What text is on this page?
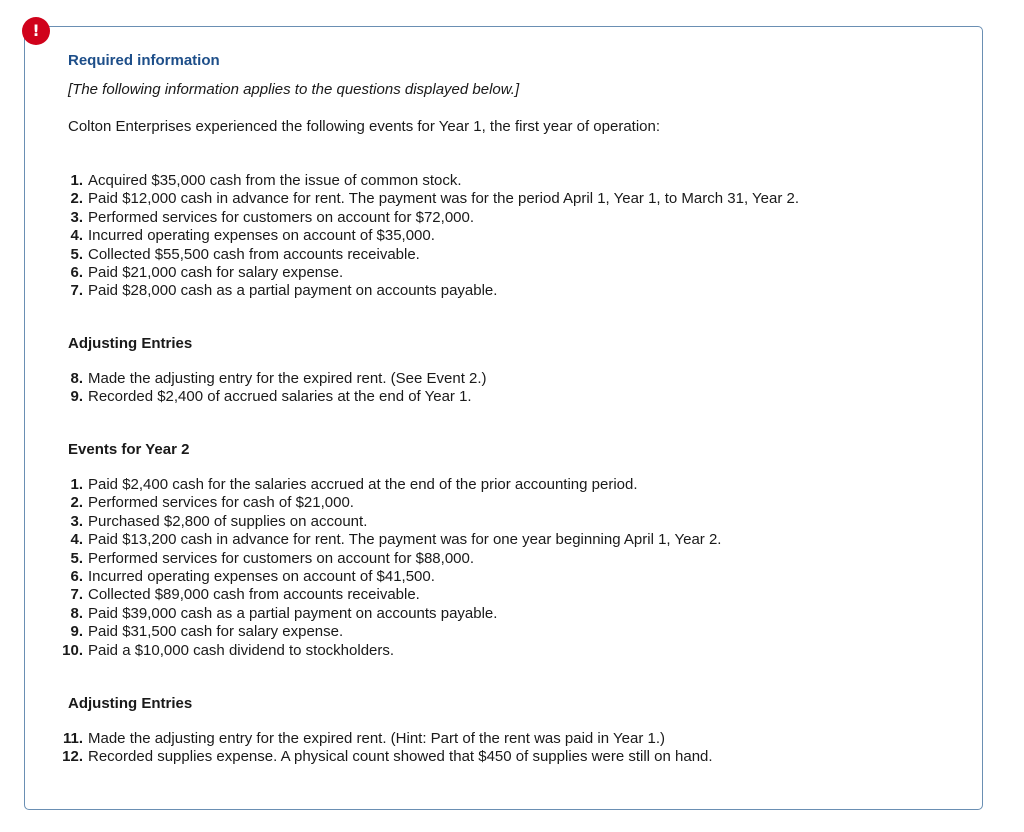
!

Required information

[The following information applies to the questions displayed below.]

Colton Enterprises experienced the following events for Year 1, the first year of operation:

1. Acquired $35,000 cash from the issue of common stock.
2. Paid $12,000 cash in advance for rent. The payment was for the period April 1, Year 1, to March 31, Year 2.
3. Performed services for customers on account for $72,000.
4. Incurred operating expenses on account of $35,000.
5. Collected $55,500 cash from accounts receivable.
6. Paid $21,000 cash for salary expense.
7. Paid $28,000 cash as a partial payment on accounts payable.

Adjusting Entries

8. Made the adjusting entry for the expired rent. (See Event 2.)
9. Recorded $2,400 of accrued salaries at the end of Year 1.

Events for Year 2

1. Paid $2,400 cash for the salaries accrued at the end of the prior accounting period.
2. Performed services for cash of $21,000.
3. Purchased $2,800 of supplies on account.
4. Paid $13,200 cash in advance for rent. The payment was for one year beginning April 1, Year 2.
5. Performed services for customers on account for $88,000.
6. Incurred operating expenses on account of $41,500.
7. Collected $89,000 cash from accounts receivable.
8. Paid $39,000 cash as a partial payment on accounts payable.
9. Paid $31,500 cash for salary expense.
10. Paid a $10,000 cash dividend to stockholders.

Adjusting Entries

11. Made the adjusting entry for the expired rent. (Hint: Part of the rent was paid in Year 1.)
12. Recorded supplies expense. A physical count showed that $450 of supplies were still on hand.
